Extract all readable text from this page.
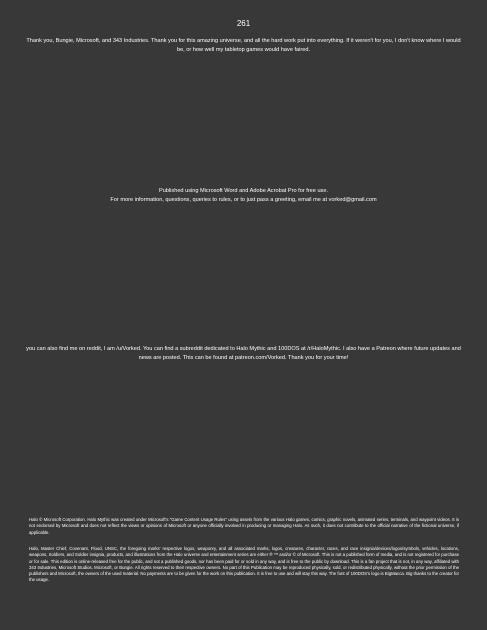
261
Thank you, Bungie, Microsoft, and 343 Industries. Thank you for this amazing universe, and all the hard work put into everything. If it weren't for you, I don't know where I would be, or how well my tabletop games would have faired.
Published using Microsoft Word and Adobe Acrobat Pro for free use.
For more information, questions, queries to rules, or to just pass a greeting, email me at vorked@gmail.com
you can also find me on reddit, I am /u/Vorked. You can find a subreddit dedicated to Halo Mythic and 100DOS at /r/HaloMythic. I also have a Patreon where future updates and news are posted. This can be found at patreon.com/Vorked. Thank you for your time!
Halo © Microsoft Corporation. Halo Mythic was created under Microsoft's "Game Content Usage Rules" using assets from the various Halo games, comics, graphic novels, animated series, terminals, and waypoint videos. It is not endorsed by Microsoft and does not reflect the views or opinions of Microsoft or anyone officially involved in producing or managing Halo. As such, it does not contribute to the official narrative of the fictional universe, if applicable.
Halo, Master Chief, Covenant, Flood, UNSC, the foregoing marks' respective logos, weaponry, and all associated marks, logos, creatures, character, races, and race insignia/devices/logos/symbols, vehicles, locations, weapons, Soldiers, and Soldier insignia, products, and illustrations from the Halo universe and entertainment series are either ® ™ and/or © of Microsoft. This is not a published form of media, and is not registered for purchase or for sale. This edition is online-released free for the public, and not a published goods, nor has been paid for or sold in any way, and is free to the public by download. This is a fan project that is not, in any way, affiliated with 343 Industries, Microsoft Studios, Microsoft, or Bungie. All rights reserved to their respective owners. No part of this Publication may be reproduced physically, sold, or redistributed physically, without the prior permission of the publishers and Microsoft, the owners of the used material. No payments are to be given for the work on this publication. It is free to use and will stay this way. The font of 100DOS's logo is BigMacca. Big thanks to the creator for the usage.
